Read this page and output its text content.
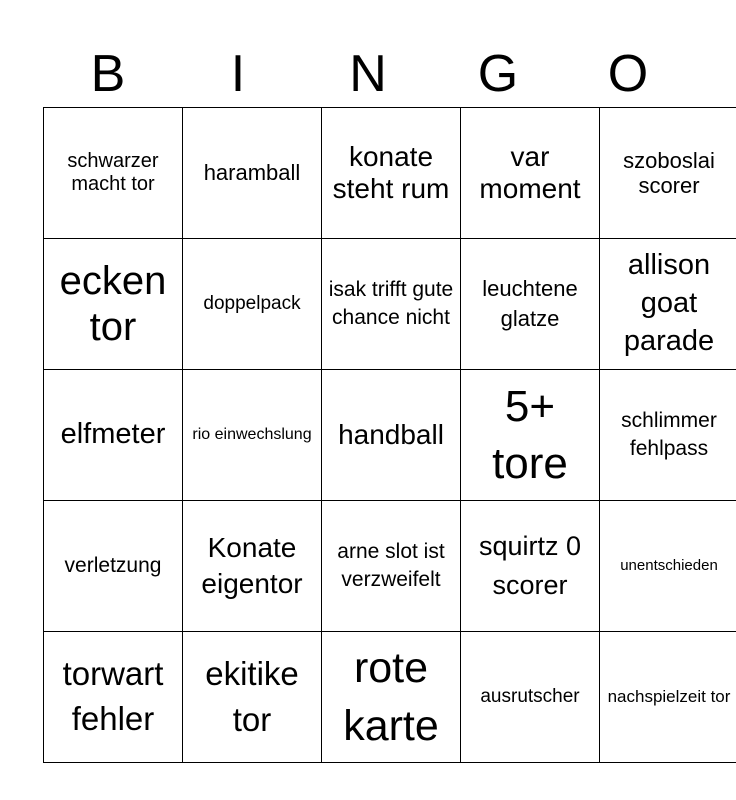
B	I	N	G	O
schwarzer macht tor	haramball	konate steht rum	var moment	szoboslai scorer
ecken tor	doppelpack	isak trifft gute chance nicht	leuchtene glatze	allison goat parade
elfmeter	rio einwechslung	handball	5+ tore	schlimmer fehlpass
verletzung	Konate eigentor	arne slot ist verzweifelt	squirtz 0 scorer	unentschieden
torwart fehler	ekitike tor	rote karte	ausrutscher	nachspielzeit tor
